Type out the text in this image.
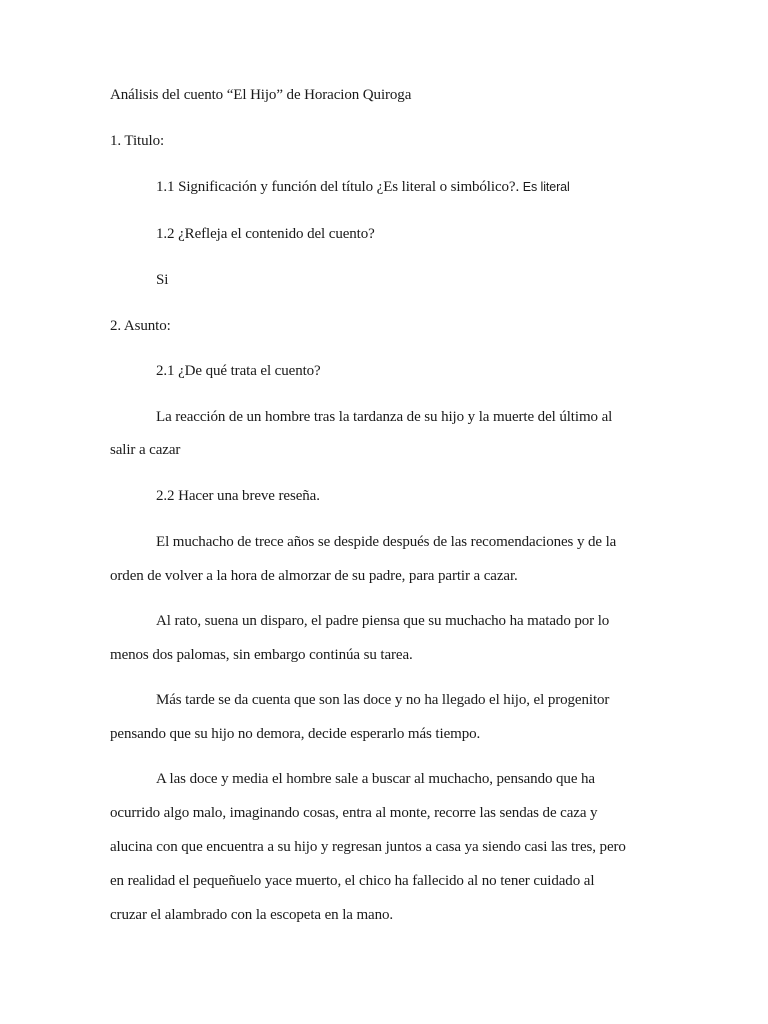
Análisis del cuento “El Hijo” de Horacion Quiroga
1. Titulo:
1.1 Significación y función del título ¿Es literal o simbólico?. Es literal
1.2 ¿Refleja el contenido del cuento?
Si
2. Asunto:
2.1 ¿De qué trata el cuento?
La reacción de un hombre tras la tardanza de su hijo y la muerte del último al
salir a cazar
2.2 Hacer una breve reseña.
El muchacho de trece años se despide después de las recomendaciones y de la
orden de volver a la hora de almorzar de su padre, para partir a cazar.
Al rato, suena un disparo, el padre piensa que su muchacho ha matado por lo
menos dos palomas, sin embargo continúa su tarea.
Más tarde se da cuenta que son las doce y no ha llegado el hijo, el progenitor
pensando que su hijo no demora, decide esperarlo más tiempo.
A las doce y media el hombre sale a buscar al muchacho, pensando que ha
ocurrido algo malo, imaginando cosas, entra al monte, recorre las sendas de caza y
alucina con que encuentra a su hijo y regresan juntos a casa ya siendo casi las tres, pero
en realidad el pequeñuelo yace muerto, el chico ha fallecido al no tener cuidado al
cruzar el alambrado con la escopeta en la mano.
